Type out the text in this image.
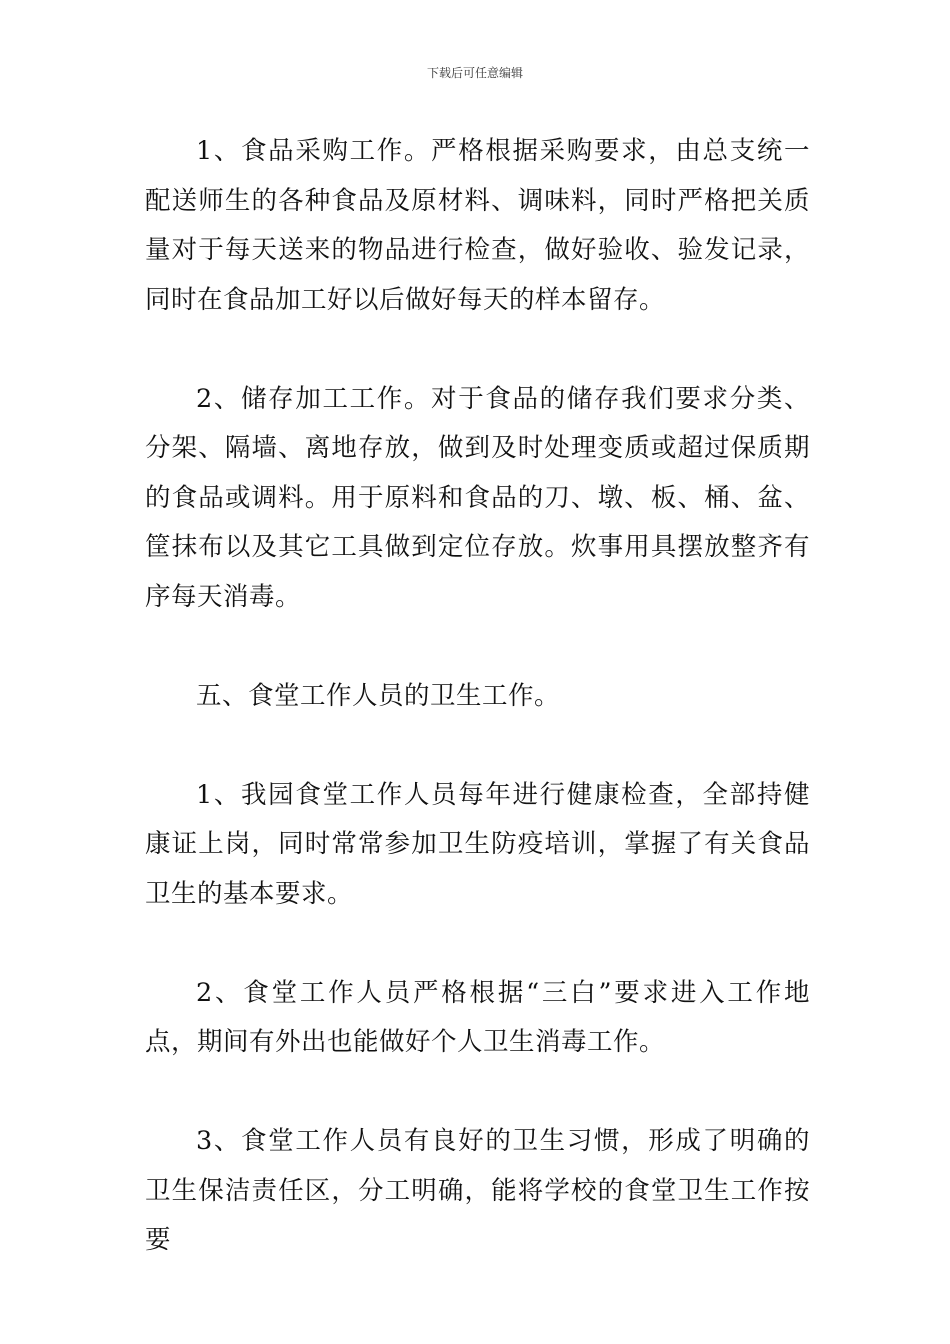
下载后可任意编辑

1、食品采购工作。严格根据采购要求，由总支统一配送师生的各种食品及原材料、调味料，同时严格把关质量对于每天送来的物品进行检查，做好验收、验发记录，同时在食品加工好以后做好每天的样本留存。

2、储存加工工作。对于食品的储存我们要求分类、分架、隔墙、离地存放，做到及时处理变质或超过保质期的食品或调料。用于原料和食品的刀、墩、板、桶、盆、筐抹布以及其它工具做到定位存放。炊事用具摆放整齐有序每天消毒。

五、食堂工作人员的卫生工作。

1、我园食堂工作人员每年进行健康检查，全部持健康证上岗，同时常常参加卫生防疫培训，掌握了有关食品卫生的基本要求。

2、食堂工作人员严格根据“三白”要求进入工作地点，期间有外出也能做好个人卫生消毒工作。

3、食堂工作人员有良好的卫生习惯，形成了明确的卫生保洁责任区，分工明确，能将学校的食堂卫生工作按要
